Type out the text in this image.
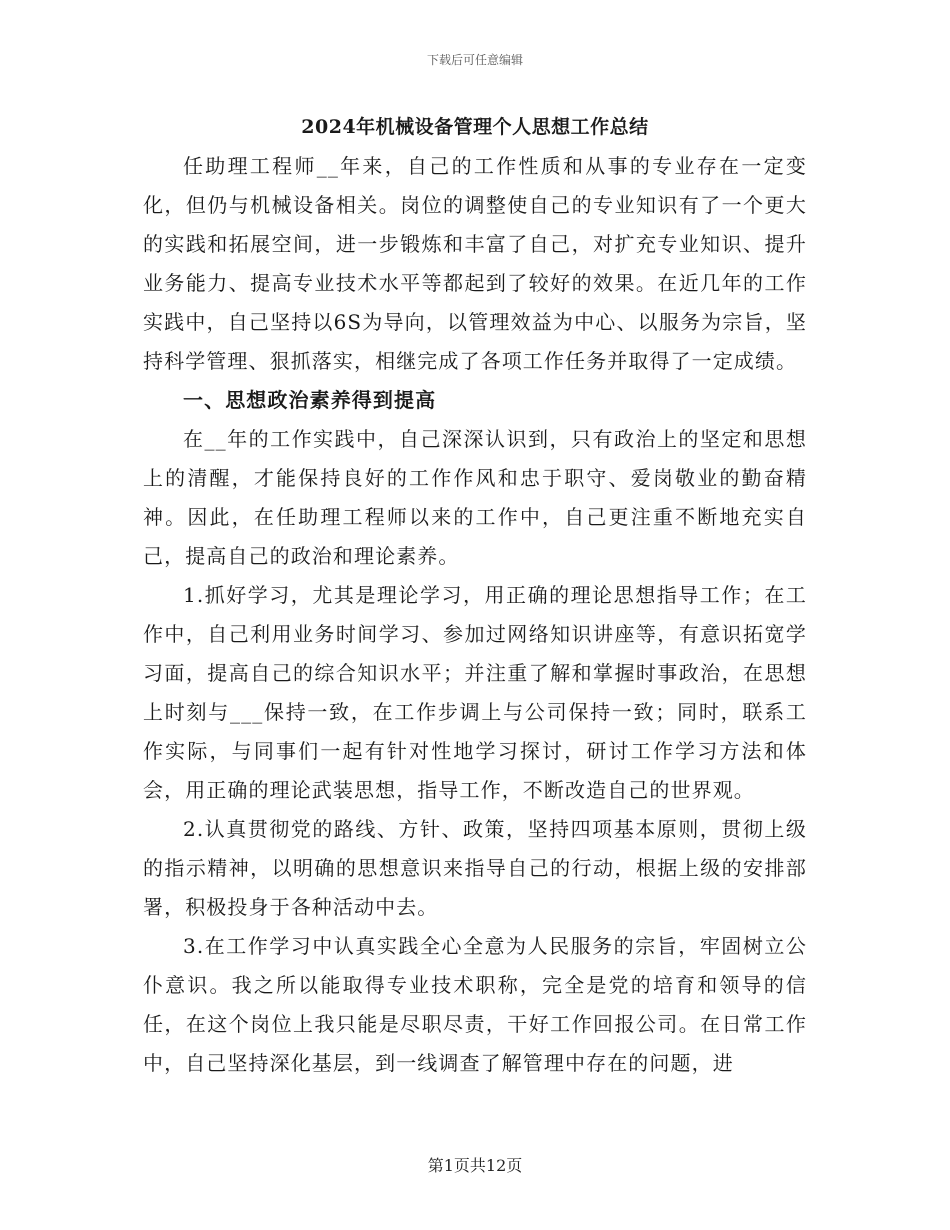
下载后可任意编辑
2024年机械设备管理个人思想工作总结

任助理工程师__年来，自己的工作性质和从事的专业存在一定变化，但仍与机械设备相关。岗位的调整使自己的专业知识有了一个更大的实践和拓展空间，进一步锻炼和丰富了自己，对扩充专业知识、提升业务能力、提高专业技术水平等都起到了较好的效果。在近几年的工作实践中，自己坚持以6S为导向，以管理效益为中心、以服务为宗旨，坚持科学管理、狠抓落实，相继完成了各项工作任务并取得了一定成绩。

一、思想政治素养得到提高

在__年的工作实践中，自己深深认识到，只有政治上的坚定和思想上的清醒，才能保持良好的工作作风和忠于职守、爱岗敬业的勤奋精神。因此，在任助理工程师以来的工作中，自己更注重不断地充实自己，提高自己的政治和理论素养。

1.抓好学习，尤其是理论学习，用正确的理论思想指导工作；在工作中，自己利用业务时间学习、参加过网络知识讲座等，有意识拓宽学习面，提高自己的综合知识水平；并注重了解和掌握时事政治，在思想上时刻与___保持一致，在工作步调上与公司保持一致；同时，联系工作实际，与同事们一起有针对性地学习探讨，研讨工作学习方法和体会，用正确的理论武装思想，指导工作，不断改造自己的世界观。

2.认真贯彻党的路线、方针、政策，坚持四项基本原则，贯彻上级的指示精神，以明确的思想意识来指导自己的行动，根据上级的安排部署，积极投身于各种活动中去。

3.在工作学习中认真实践全心全意为人民服务的宗旨，牢固树立公仆意识。我之所以能取得专业技术职称，完全是党的培育和领导的信任，在这个岗位上我只能是尽职尽责，干好工作回报公司。在日常工作中，自己坚持深化基层，到一线调查了解管理中存在的问题，进

第1页共12页
